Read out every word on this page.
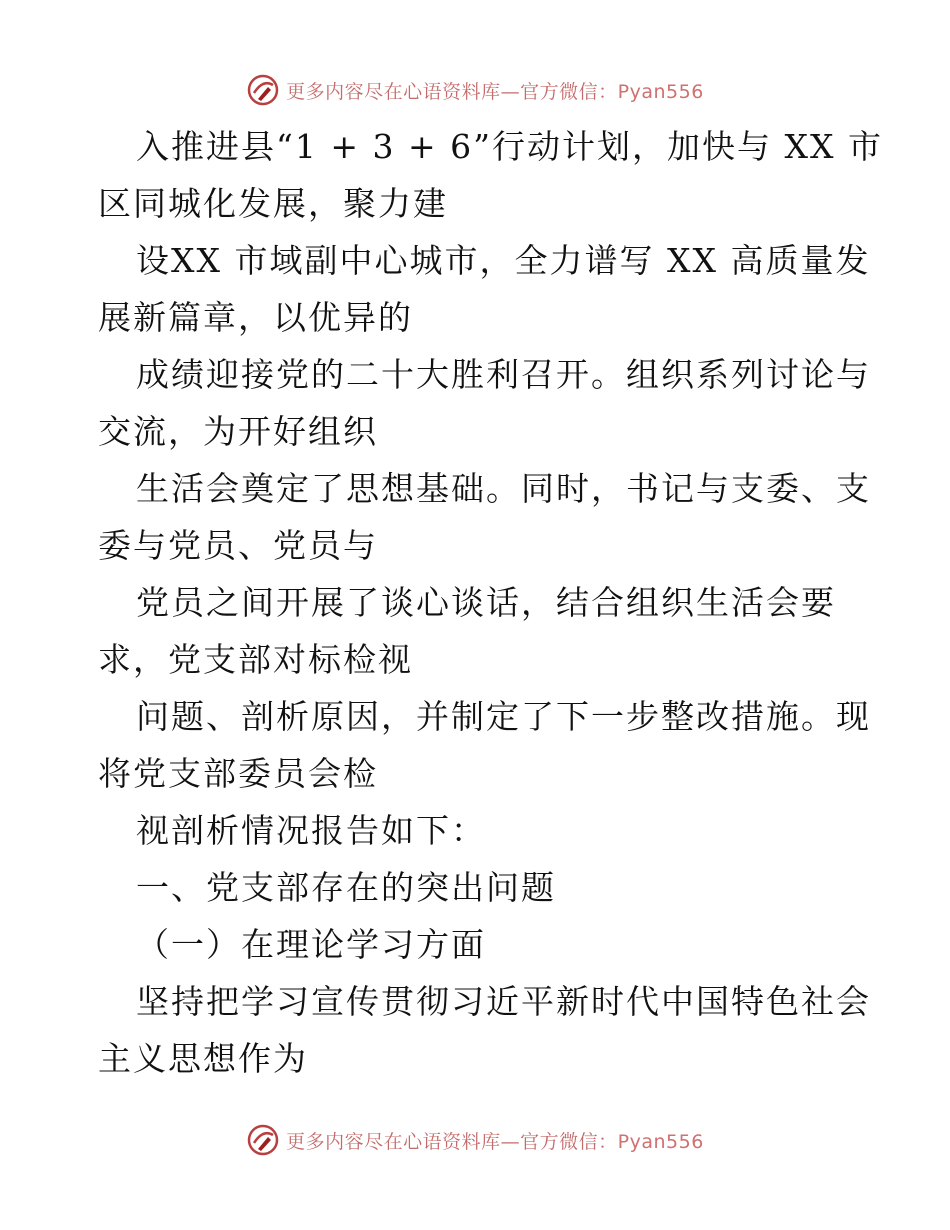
更多内容尽在心语资料库—官方微信：Pyan556
入推进县“1 + 3 + 6”行动计划，加快与 XX 市
区同城化发展，聚力建
设XX 市域副中心城市，全力谱写 XX 高质量发
展新篇章，以优异的
成绩迎接党的二十大胜利召开。组织系列讨论与
交流，为开好组织
生活会奠定了思想基础。同时，书记与支委、支
委与党员、党员与
党员之间开展了谈心谈话，结合组织生活会要
求，党支部对标检视
问题、剖析原因，并制定了下一步整改措施。现
将党支部委员会检
视剖析情况报告如下：
一、党支部存在的突出问题
（一）在理论学习方面
坚持把学习宣传贯彻习近平新时代中国特色社会
主义思想作为
更多内容尽在心语资料库—官方微信：Pyan556
